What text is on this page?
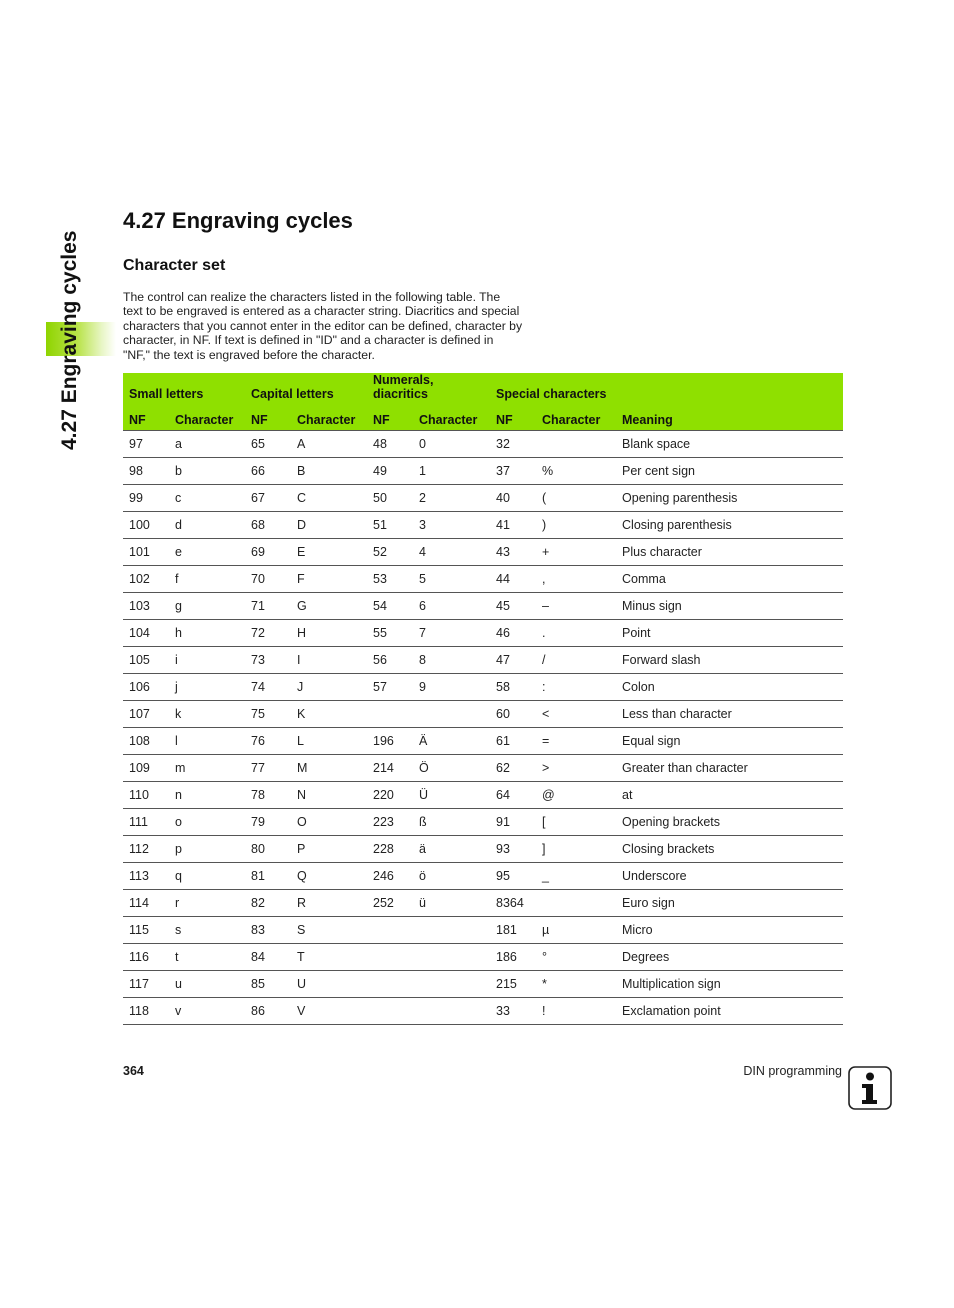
4.27 Engraving cycles
4.27 Engraving cycles
Character set

The control can realize the characters listed in the following table. The text to be engraved is entered as a character string. Diacritics and special characters that you cannot enter in the editor can be defined, character by character, in NF. If text is defined in "ID" and a character is defined in "NF," the text is engraved before the character.

Small letters		Capital letters		Numerals, diacritics		Special characters		
NF	Character	NF	Character	NF	Character	NF	Character	Meaning
97	a	65	A	48	0	32		Blank space
98	b	66	B	49	1	37	%	Per cent sign
99	c	67	C	50	2	40	(	Opening parenthesis
100	d	68	D	51	3	41	)	Closing parenthesis
101	e	69	E	52	4	43	+	Plus character
102	f	70	F	53	5	44	,	Comma
103	g	71	G	54	6	45	–	Minus sign
104	h	72	H	55	7	46	.	Point
105	i	73	I	56	8	47	/	Forward slash
106	j	74	J	57	9	58	:	Colon
107	k	75	K			60	<	Less than character
108	l	76	L	196	Ä	61	=	Equal sign
109	m	77	M	214	Ö	62	>	Greater than character
110	n	78	N	220	Ü	64	@	at
111	o	79	O	223	ß	91	[	Opening brackets
112	p	80	P	228	ä	93	]	Closing brackets
113	q	81	Q	246	ö	95	_	Underscore
114	r	82	R	252	ü	8364		Euro sign
115	s	83	S			181	µ	Micro
116	t	84	T			186	°	Degrees
117	u	85	U			215	*	Multiplication sign
118	v	86	V			33	!	Exclamation point
364	DIN programming
